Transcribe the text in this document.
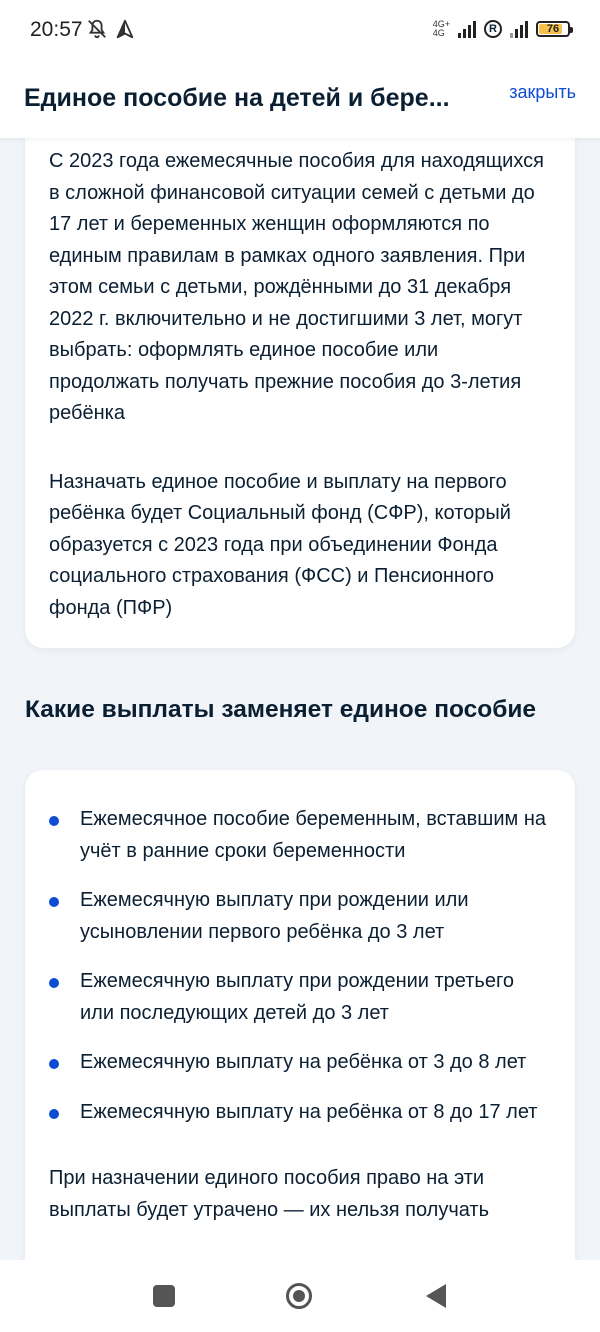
20:57	4G+
4G	R	76
Единое пособие на детей и бере...	закрыть

С 2023 года ежемесячные пособия для находящихся в сложной финансовой ситуации семей с детьми до 17 лет и беременных женщин оформляются по единым правилам в рамках одного заявления. При этом семьи с детьми, рождёнными до 31 декабря 2022 г. включительно и не достигшими 3 лет, могут выбрать: оформлять единое пособие или продолжать получать прежние пособия до 3-летия ребёнка

Назначать единое пособие и выплату на первого ребёнка будет Социальный фонд (СФР), который образуется с 2023 года при объединении Фонда социального страхования (ФСС) и Пенсионного фонда (ПФР)

Какие выплаты заменяет единое пособие
Ежемесячное пособие беременным, вставшим на учёт в ранние сроки беременности
Ежемесячную выплату при рождении или усыновлении первого ребёнка до 3 лет
Ежемесячную выплату при рождении третьего или последующих детей до 3 лет
Ежемесячную выплату на ребёнка от 3 до 8 лет
Ежемесячную выплату на ребёнка от 8 до 17 лет

При назначении единого пособия право на эти выплаты будет утрачено — их нельзя получать
